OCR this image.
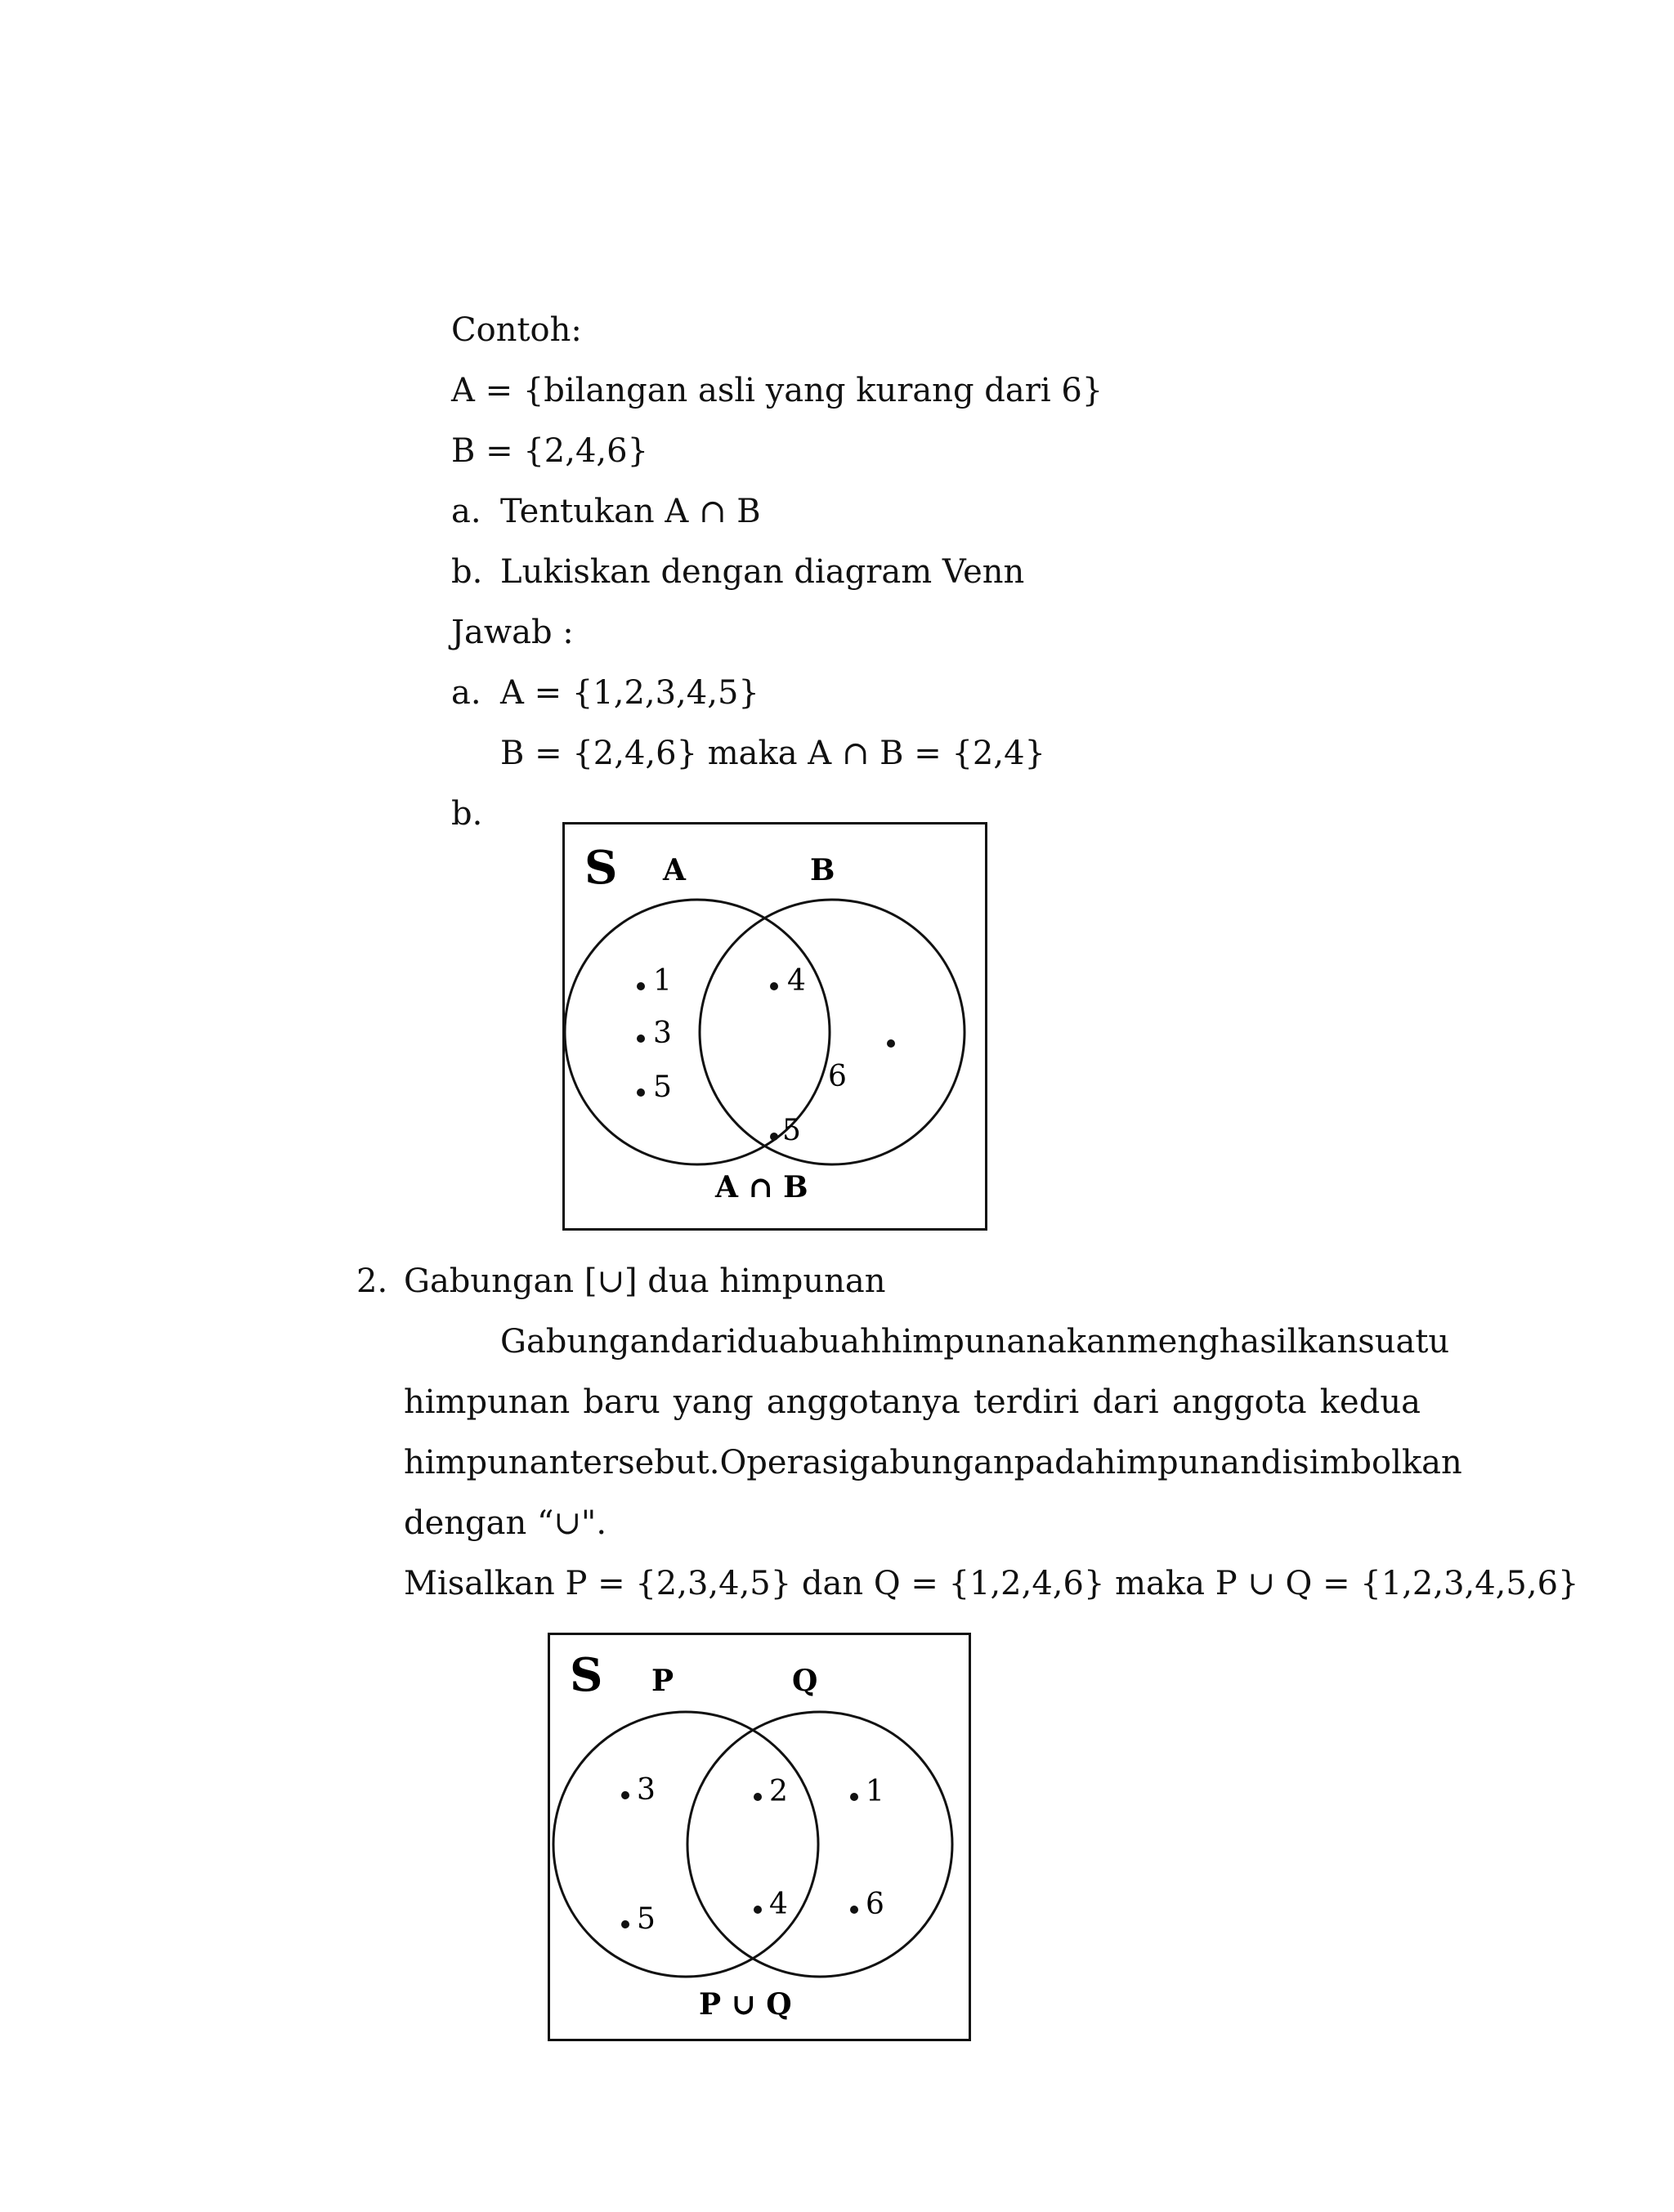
Contoh:
A = {bilangan asli yang kurang dari 6}
B = {2,4,6}
a. Tentukan A ∩ B
b. Lukiskan dengan diagram Venn
Jawab :
a. A = {1,2,3,4,5}
B = {2,4,6} maka A ∩ B = {2,4}
b.
S A	B
1
3
5
4
6
5
A ∩ B
2. Gabungan [∪] dua himpunan
Gabungan dari dua buah himpunan akan menghasilkan suatu
himpunan baru yang anggotanya terdiri dari anggota kedua
himpunan tersebut. Operasi gabungan pada himpunan disimbolkan
dengan “∪".
Misalkan P = {2,3,4,5} dan Q = {1,2,4,6} maka P ∪ Q = {1,2,3,4,5,6}
S P	Q
3
5
2
4
1
6
P ∪ Q
